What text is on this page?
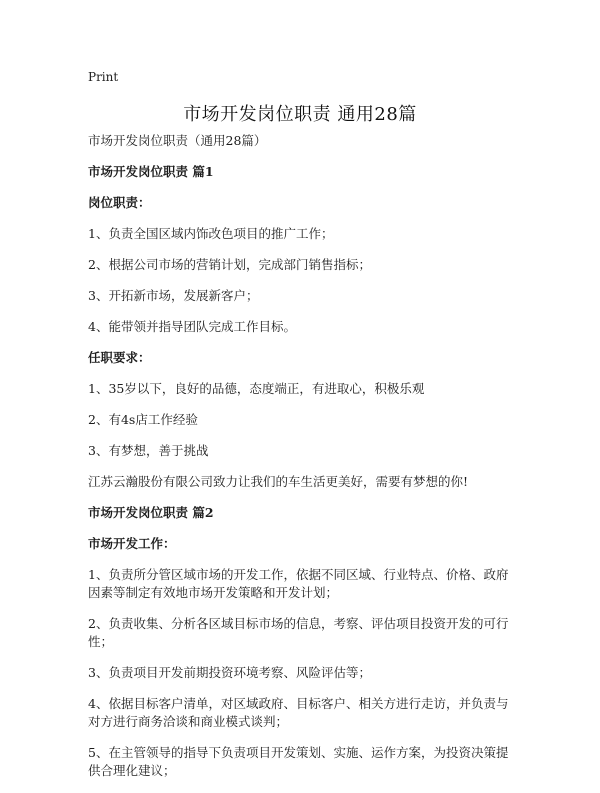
Print
市场开发岗位职责 通用28篇

市场开发岗位职责（通用28篇）

市场开发岗位职责 篇1

岗位职责：

1、负责全国区域内饰改色项目的推广工作；

2、根据公司市场的营销计划，完成部门销售指标；

3、开拓新市场，发展新客户；

4、能带领并指导团队完成工作目标。

任职要求：

1、35岁以下，良好的品德，态度端正，有进取心，积极乐观

2、有4s店工作经验

3、有梦想，善于挑战

江苏云瀚股份有限公司致力让我们的车生活更美好，需要有梦想的你!

市场开发岗位职责 篇2

市场开发工作：

1、负责所分管区域市场的开发工作，依据不同区域、行业特点、价格、政府因素等制定有效地市场开发策略和开发计划；

2、负责收集、分析各区域目标市场的信息，考察、评估项目投资开发的可行性；

3、负责项目开发前期投资环境考察、风险评估等；

4、依据目标客户清单，对区域政府、目标客户、相关方进行走访，并负责与对方进行商务洽谈和商业模式谈判；

5、在主管领导的指导下负责项目开发策划、实施、运作方案，为投资决策提供合理化建议；
